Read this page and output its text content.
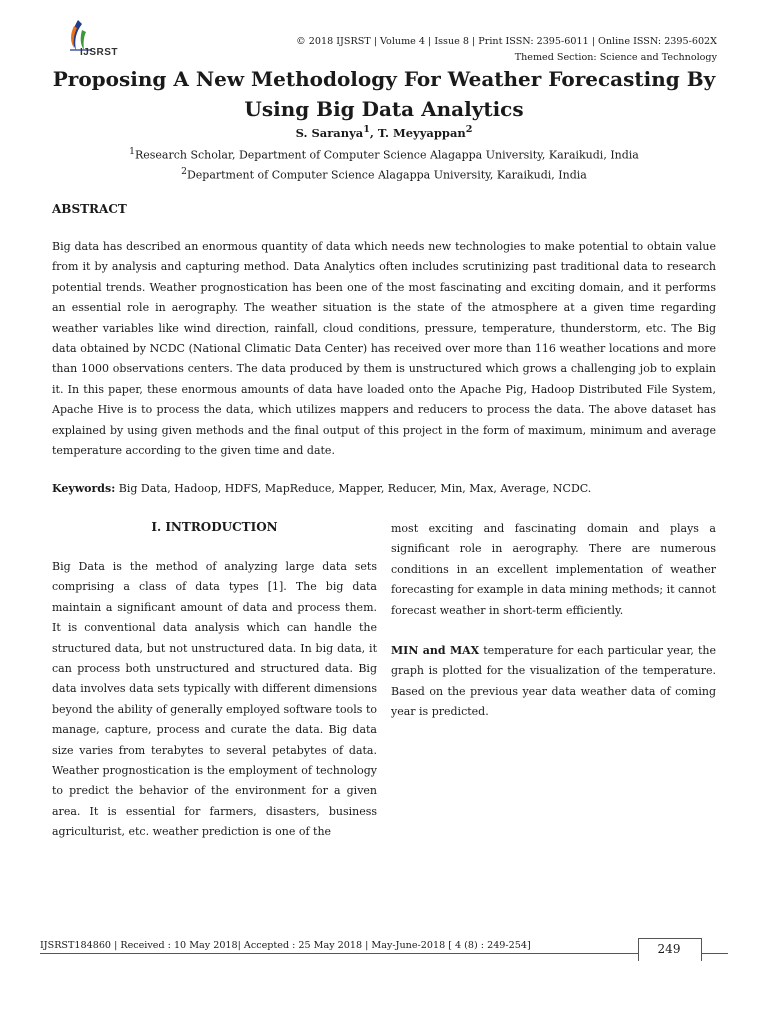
IJSRST
© 2018 IJSRST | Volume 4 | Issue 8 | Print ISSN: 2395-6011 | Online ISSN: 2395-602X
Themed Section: Science and Technology
Proposing A New Methodology For Weather Forecasting By Using Big Data Analytics
S. Saranya$^1$, T. Meyyappan$^2$
$^1$Research Scholar, Department of Computer Science Alagappa University, Karaikudi, India
$^2$Department of Computer Science Alagappa University, Karaikudi, India
ABSTRACT

Big data has described an enormous quantity of data which needs new technologies to make potential to obtain value from it by analysis and capturing method. Data Analytics often includes scrutinizing past traditional data to research potential trends. Weather prognostication has been one of the most fascinating and exciting domain, and it performs an essential role in aerography. The weather situation is the state of the atmosphere at a given time regarding weather variables like wind direction, rainfall, cloud conditions, pressure, temperature, thunderstorm, etc. The Big data obtained by NCDC (National Climatic Data Center) has received over more than 116 weather locations and more than 1000 observations centers. The data produced by them is unstructured which grows a challenging job to explain it. In this paper, these enormous amounts of data have loaded onto the Apache Pig, Hadoop Distributed File System, Apache Hive is to process the data, which utilizes mappers and reducers to process the data. The above dataset has explained by using given methods and the final output of this project in the form of maximum, minimum and average temperature according to the given time and date.

Keywords: Big Data, Hadoop, HDFS, MapReduce, Mapper, Reducer, Min, Max, Average, NCDC.
I. INTRODUCTION

Big Data is the method of analyzing large data sets comprising a class of data types [1]. The big data maintain a significant amount of data and process them. It is conventional data analysis which can handle the structured data, but not unstructured data. In big data, it can process both unstructured and structured data. Big data involves data sets typically with different dimensions beyond the ability of generally employed software tools to manage, capture, process and curate the data. Big data size varies from terabytes to several petabytes of data. Weather prognostication is the employment of technology to predict the behavior of the environment for a given area. It is essential for farmers, disasters, business agriculturist, etc. weather prediction is one of the

most exciting and fascinating domain and plays a significant role in aerography. There are numerous conditions in an excellent implementation of weather forecasting for example in data mining methods; it cannot forecast weather in short-term efficiently.

MIN and MAX temperature for each particular year, the graph is plotted for the visualization of the temperature. Based on the previous year data weather data of coming year is predicted.

IJSRST184860 | Received : 10 May 2018| Accepted : 25 May 2018 | May-June-2018 [ 4 (8) : 249-254]	249
